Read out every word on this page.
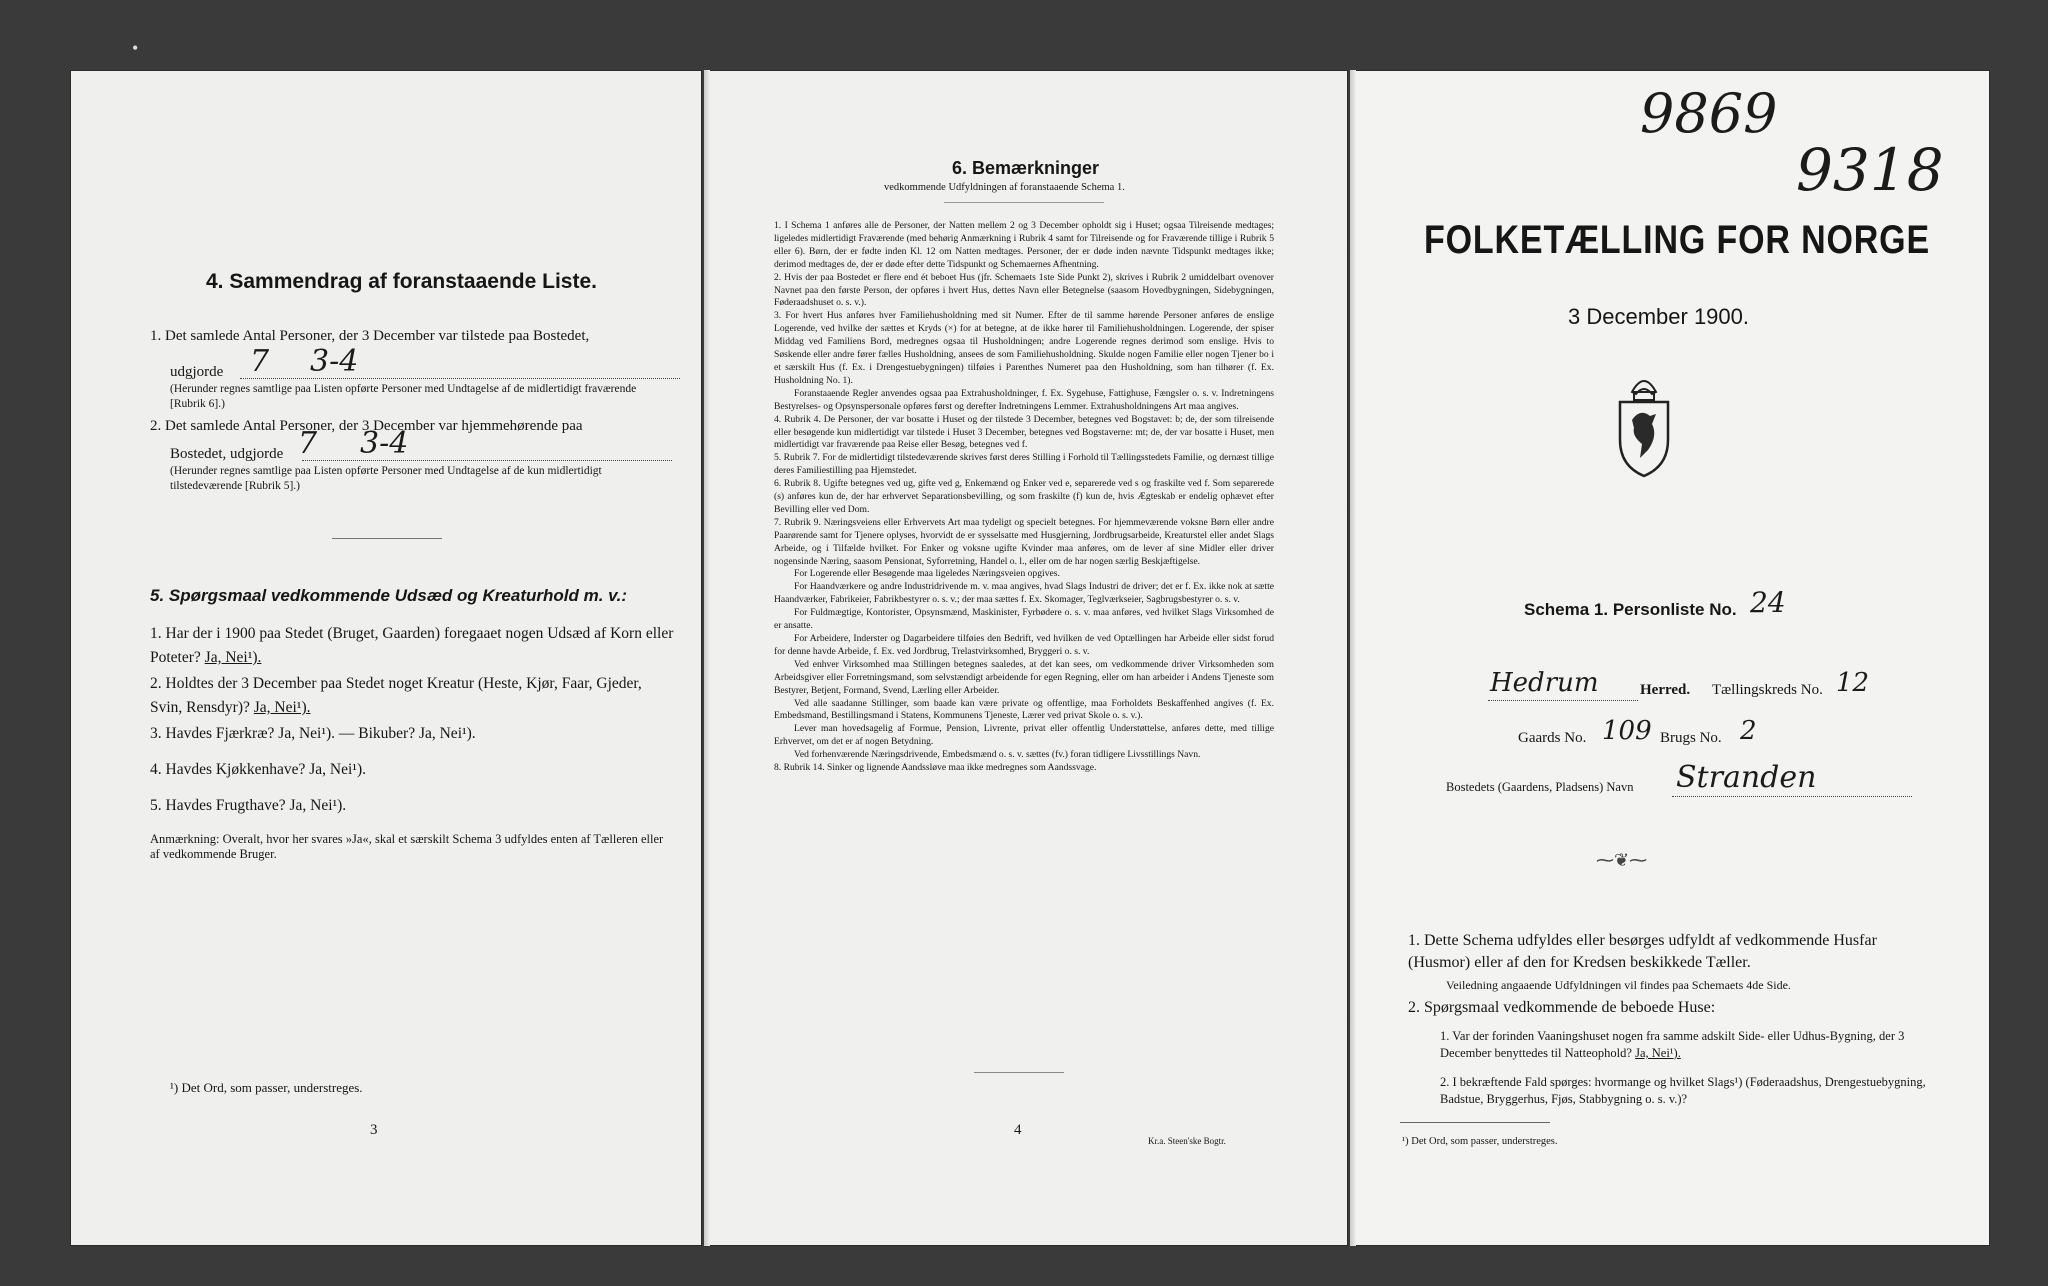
•
4. Sammendrag af foranstaaende Liste.
1. Det samlede Antal Personer, der 3 December var tilstede paa Bostedet,
udgjorde 7 3-4
(Herunder regnes samtlige paa Listen opførte Personer med Undtagelse af de midlertidigt fraværende [Rubrik 6].)
2. Det samlede Antal Personer, der 3 December var hjemmehørende paa
Bostedet, udgjorde 7 3-4
(Herunder regnes samtlige paa Listen opførte Personer med Undtagelse af de kun midlertidigt tilstedeværende [Rubrik 5].)
5. Spørgsmaal vedkommende Udsæd og Kreaturhold m. v.:
1. Har der i 1900 paa Stedet (Bruget, Gaarden) foregaaet nogen Udsæd af Korn eller Poteter? Ja, Nei¹).
2. Holdtes der 3 December paa Stedet noget Kreatur (Heste, Kjør, Faar, Gjeder, Svin, Rensdyr)? Ja, Nei¹).
3. Havdes Fjærkræ? Ja, Nei¹). — Bikuber? Ja, Nei¹).
4. Havdes Kjøkkenhave? Ja, Nei¹).
5. Havdes Frugthave? Ja, Nei¹).
Anmærkning: Overalt, hvor her svares »Ja«, skal et særskilt Schema 3 udfyldes enten af Tælleren eller af vedkommende Bruger.
¹) Det Ord, som passer, understreges.
3
6. Bemærkninger
vedkommende Udfyldningen af foranstaaende Schema 1.
1. I Schema 1 anføres alle de Personer, der Natten mellem 2 og 3 December opholdt sig i Huset; ogsaa Tilreisende medtages; ligeledes midlertidigt Fraværende (med behørig Anmærkning i Rubrik 4 samt for Tilreisende og for Fraværende tillige i Rubrik 5 eller 6). Børn, der er fødte inden Kl. 12 om Natten medtages. Personer, der er døde inden nævnte Tidspunkt medtages ikke; derimod medtages de, der er døde efter dette Tidspunkt og Schemaernes Afhentning.
2. Hvis der paa Bostedet er flere end ét beboet Hus (jfr. Schemaets 1ste Side Punkt 2), skrives i Rubrik 2 umiddelbart ovenover Navnet paa den første Person, der opføres i hvert Hus, dettes Navn eller Betegnelse (saasom Hovedbygningen, Sidebygningen, Føderaadshuset o. s. v.).
3. For hvert Hus anføres hver Familiehusholdning med sit Numer. Efter de til samme hørende Personer anføres de enslige Logerende, ved hvilke der sættes et Kryds (×) for at betegne, at de ikke hører til Familiehusholdningen. Logerende, der spiser Middag ved Familiens Bord, medregnes ogsaa til Husholdningen; andre Logerende regnes derimod som enslige. Hvis to Søskende eller andre fører fælles Husholdning, ansees de som Familiehusholdning. Skulde nogen Familie eller nogen Tjener bo i et særskilt Hus (f. Ex. i Drengestuebygningen) tilføies i Parenthes Numeret paa den Husholdning, som han tilhører (f. Ex. Husholdning No. 1).
Foranstaaende Regler anvendes ogsaa paa Extrahusholdninger, f. Ex. Sygehuse, Fattighuse, Fængsler o. s. v. Indretningens Bestyrelses- og Opsynspersonale opføres først og derefter Indretningens Lemmer. Extrahusholdningens Art maa angives.
4. Rubrik 4. De Personer, der var bosatte i Huset og der tilstede 3 December, betegnes ved Bogstavet: b; de, der som tilreisende eller besøgende kun midlertidigt var tilstede i Huset 3 December, betegnes ved Bogstaverne: mt; de, der var bosatte i Huset, men midlertidigt var fraværende paa Reise eller Besøg, betegnes ved f.
5. Rubrik 7. For de midlertidigt tilstedeværende skrives først deres Stilling i Forhold til Tællingsstedets Familie, og dernæst tillige deres Familiestilling paa Hjemstedet.
6. Rubrik 8. Ugifte betegnes ved ug, gifte ved g, Enkemænd og Enker ved e, separerede ved s og fraskilte ved f. Som separerede (s) anføres kun de, der har erhvervet Separationsbevilling, og som fraskilte (f) kun de, hvis Ægteskab er endelig ophævet efter Bevilling eller ved Dom.
7. Rubrik 9. Næringsveiens eller Erhvervets Art maa tydeligt og specielt betegnes. For hjemmeværende voksne Børn eller andre Paarørende samt for Tjenere oplyses, hvorvidt de er sysselsatte med Husgjerning, Jordbrugsarbeide, Kreaturstel eller andet Slags Arbeide, og i Tilfælde hvilket. For Enker og voksne ugifte Kvinder maa anføres, om de lever af sine Midler eller driver nogensinde Næring, saasom Pensionat, Syforretning, Handel o. l., eller om de har nogen særlig Beskjæftigelse.
For Logerende eller Besøgende maa ligeledes Næringsveien opgives.
For Haandværkere og andre Industridrivende m. v. maa angives, hvad Slags Industri de driver; det er f. Ex. ikke nok at sætte Haandværker, Fabrikeier, Fabrikbestyrer o. s. v.; der maa sættes f. Ex. Skomager, Teglværkseier, Sagbrugsbestyrer o. s. v.
For Fuldmægtige, Kontorister, Opsynsmænd, Maskinister, Fyrbødere o. s. v. maa anføres, ved hvilket Slags Virksomhed de er ansatte.
For Arbeidere, Inderster og Dagarbeidere tilføies den Bedrift, ved hvilken de ved Optællingen har Arbeide eller sidst forud for denne havde Arbeide, f. Ex. ved Jordbrug, Trelastvirksomhed, Bryggeri o. s. v.
Ved enhver Virksomhed maa Stillingen betegnes saaledes, at det kan sees, om vedkommende driver Virksomheden som Arbeidsgiver eller Forretningsmand, som selvstændigt arbeidende for egen Regning, eller om han arbeider i Andens Tjeneste som Bestyrer, Betjent, Formand, Svend, Lærling eller Arbeider.
Ved alle saadanne Stillinger, som baade kan være private og offentlige, maa Forholdets Beskaffenhed angives (f. Ex. Embedsmand, Bestillingsmand i Statens, Kommunens Tjeneste, Lærer ved privat Skole o. s. v.).
Lever man hovedsagelig af Formue, Pension, Livrente, privat eller offentlig Understøttelse, anføres dette, med tillige Erhvervet, om det er af nogen Betydning.
Ved forhenværende Næringsdrivende, Embedsmænd o. s. v. sættes (fv.) foran tidligere Livsstillings Navn.
8. Rubrik 14. Sinker og lignende Aandssløve maa ikke medregnes som Aandssvage.
4
Kr.a. Steen'ske Bogtr.
9869
9318
FOLKETÆLLING FOR NORGE
3 December 1900.
Schema 1. Personliste No. 24
Hedrum	Herred. Tællingskreds No. 12
Gaards No. 109 Brugs No. 2
Bostedets (Gaardens, Pladsens) Navn Stranden
⁓❦⁓
1. Dette Schema udfyldes eller besørges udfyldt af vedkommende Husfar (Husmor) eller af den for Kredsen beskikkede Tæller.
Veiledning angaaende Udfyldningen vil findes paa Schemaets 4de Side.
2. Spørgsmaal vedkommende de beboede Huse:
1. Var der forinden Vaaningshuset nogen fra samme adskilt Side- eller Udhus-Bygning, der 3 December benyttedes til Natteophold? Ja, Nei¹).
2. I bekræftende Fald spørges: hvormange og hvilket Slags¹) (Føderaadshus, Drengestuebygning, Badstue, Bryggerhus, Fjøs, Stabbygning o. s. v.)?
¹) Det Ord, som passer, understreges.
